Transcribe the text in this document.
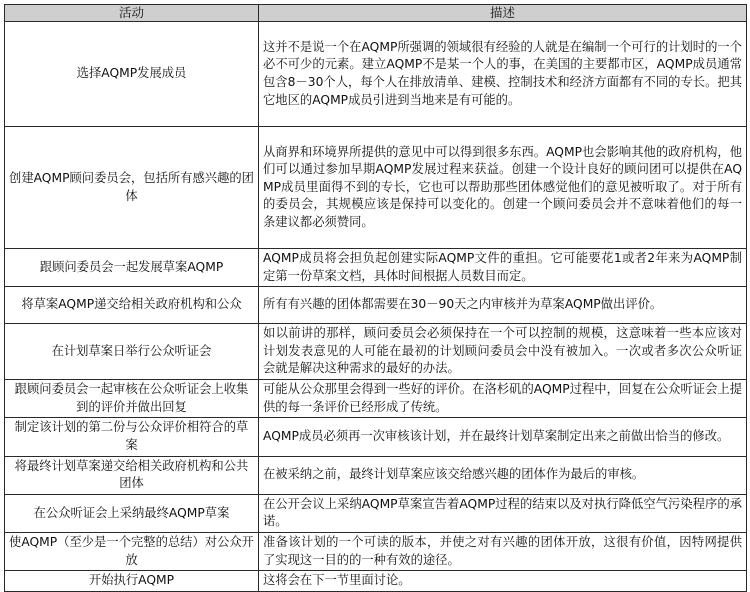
活动	描述
选择AQMP发展成员	这并不是说一个在AQMP所强调的领域很有经验的人就是在编制一个可行的计划时的一个必不可少的元素。建立AQMP不是某一个人的事，在美国的主要都市区，AQMP成员通常包含8－30个人，每个人在排放清单、建模、控制技术和经济方面都有不同的专长。把其它地区的AQMP成员引进到当地来是有可能的。
创建AQMP顾问委员会，包括所有感兴趣的团体	从商界和环境界所提供的意见中可以得到很多东西。AQMP也会影响其他的政府机构，他们可以通过参加早期AQMP发展过程来获益。创建一个设计良好的顾问团可以提供在AQMP成员里面得不到的专长，它也可以帮助那些团体感觉他们的意见被听取了。对于所有的委员会，其规模应该是保持可以变化的。创建一个顾问委员会并不意味着他们的每一条建议都必须赞同。
跟顾问委员会一起发展草案AQMP	AQMP成员将会担负起创建实际AQMP文件的重担。它可能要花1或者2年来为AQMP制定第一份草案文档，具体时间根据人员数目而定。
将草案AQMP递交给相关政府机构和公众	所有有兴趣的团体都需要在30－90天之内审核并为草案AQMP做出评价。
在计划草案日举行公众听证会	如以前讲的那样，顾问委员会必须保持在一个可以控制的规模，这意味着一些本应该对计划发表意见的人可能在最初的计划顾问委员会中没有被加入。一次或者多次公众听证会就是解决这种需求的最好的办法。
跟顾问委员会一起审核在公众听证会上收集到的评价并做出回复	可能从公众那里会得到一些好的评价。在洛杉矶的AQMP过程中，回复在公众听证会上提供的每一条评价已经形成了传统。
制定该计划的第二份与公众评价相符合的草案	AQMP成员必须再一次审核该计划，并在最终计划草案制定出来之前做出恰当的修改。
将最终计划草案递交给相关政府机构和公共团体	在被采纳之前，最终计划草案应该交给感兴趣的团体作为最后的审核。
在公众听证会上采纳最终AQMP草案	在公开会议上采纳AQMP草案宣告着AQMP过程的结束以及对执行降低空气污染程序的承诺。
使AQMP（至少是一个完整的总结）对公众开放	准备该计划的一个可读的版本，并使之对有兴趣的团体开放，这很有价值，因特网提供了实现这一目的的一种有效的途径。
开始执行AQMP	这将会在下一节里面讨论。
